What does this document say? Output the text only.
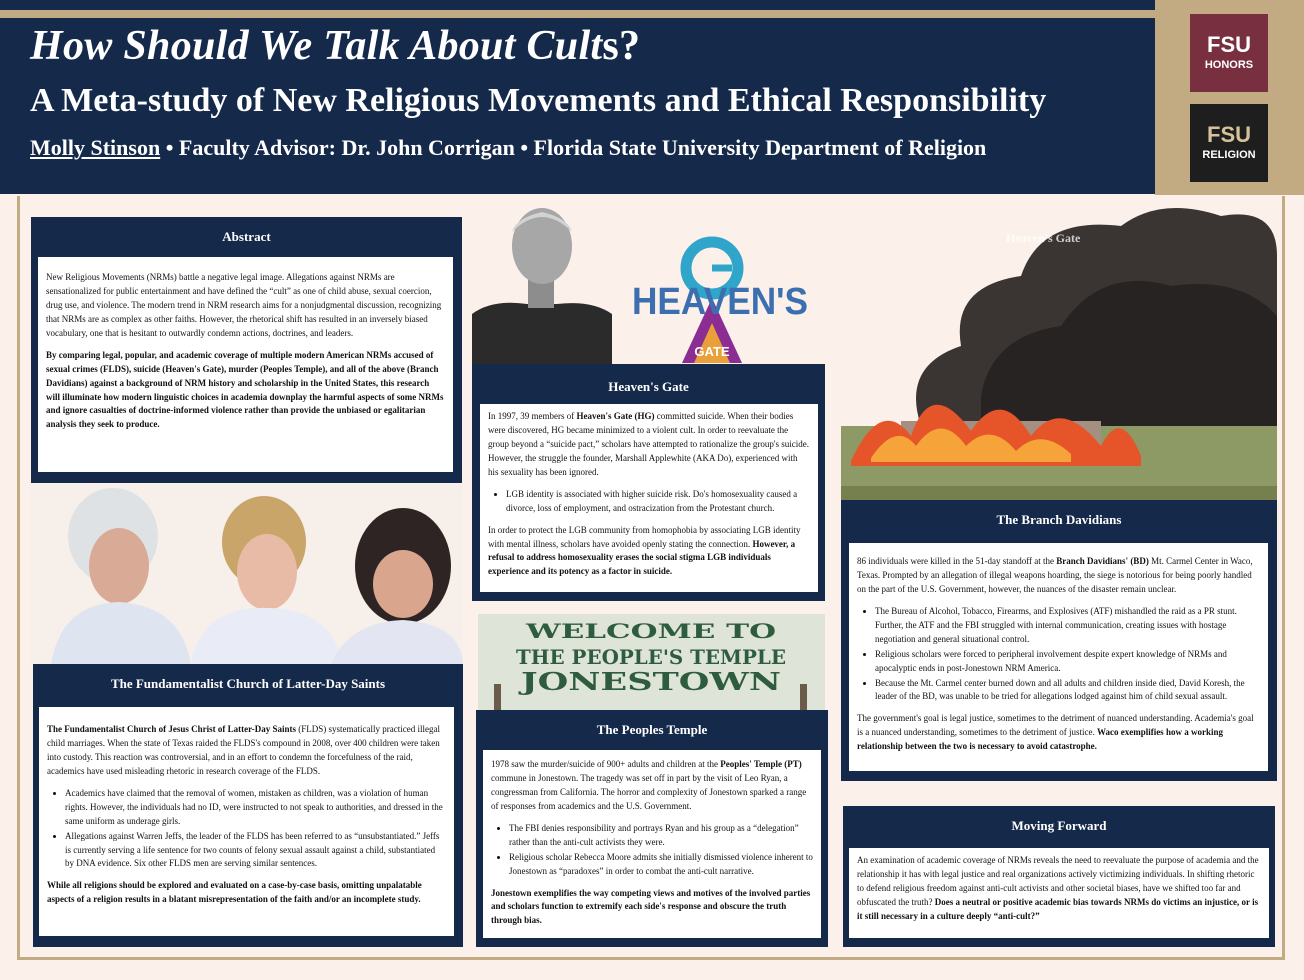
How Should We Talk About Cults?
A Meta-study of New Religious Movements and Ethical Responsibility
Molly Stinson • Faculty Advisor: Dr. John Corrigan • Florida State University Department of Religion
FSU
HONORS
FSU
RELIGION
Abstract

New Religious Movements (NRMs) battle a negative legal image. Allegations against NRMs are sensationalized for public entertainment and have defined the “cult” as one of child abuse, sexual coercion, drug use, and violence. The modern trend in NRM research aims for a nonjudgmental discussion, recognizing that NRMs are as complex as other faiths. However, the rhetorical shift has resulted in an inversely biased vocabulary, one that is hesitant to outwardly condemn actions, doctrines, and leaders.

By comparing legal, popular, and academic coverage of multiple modern American NRMs accused of sexual crimes (FLDS), suicide (Heaven's Gate), murder (Peoples Temple), and all of the above (Branch Davidians) against a background of NRM history and scholarship in the United States, this research will illuminate how modern linguistic choices in academia downplay the harmful aspects of some NRMs and ignore casualties of doctrine-informed violence rather than provide the unbiased or egalitarian analysis they seek to produce.

The Fundamentalist Church of Latter-Day Saints

The Fundamentalist Church of Jesus Christ of Latter-Day Saints (FLDS) systematically practiced illegal child marriages. When the state of Texas raided the FLDS's compound in 2008, over 400 children were taken into custody. This reaction was controversial, and in an effort to condemn the forcefulness of the raid, academics have used misleading rhetoric in research coverage of the FLDS.

• Academics have claimed that the removal of women, mistaken as children, was a violation of human rights. However, the individuals had no ID, were instructed to not speak to authorities, and dressed in the same uniform as underage girls.
• Allegations against Warren Jeffs, the leader of the FLDS has been referred to as “unsubstantiated.” Jeffs is currently serving a life sentence for two counts of felony sexual assault against a child, substantiated by DNA evidence. Six other FLDS men are serving similar sentences.

While all religions should be explored and evaluated on a case-by-case basis, omitting unpalatable aspects of a religion results in a blatant misrepresentation of the faith and/or an incomplete study.

HEAVEN'S
GATE
Heaven's Gate

In 1997, 39 members of Heaven's Gate (HG) committed suicide. When their bodies were discovered, HG became minimized to a violent cult. In order to reevaluate the group beyond a “suicide pact,” scholars have attempted to rationalize the group's suicide. However, the struggle the founder, Marshall Applewhite (AKA Do), experienced with his sexuality has been ignored.

• LGB identity is associated with higher suicide risk. Do's homosexuality caused a divorce, loss of employment, and ostracization from the Protestant church.

In order to protect the LGB community from homophobia by associating LGB identity with mental illness, scholars have avoided openly stating the connection. However, a refusal to address homosexuality erases the social stigma LGB individuals experience and its potency as a factor in suicide.

WELCOME TO
THE PEOPLE'S TEMPLE
JONESTOWN
The Peoples Temple

1978 saw the murder/suicide of 900+ adults and children at the Peoples' Temple (PT) commune in Jonestown. The tragedy was set off in part by the visit of Leo Ryan, a congressman from California. The horror and complexity of Jonestown sparked a range of responses from academics and the U.S. Government.

• The FBI denies responsibility and portrays Ryan and his group as a “delegation” rather than the anti-cult activists they were.
• Religious scholar Rebecca Moore admits she initially dismissed violence inherent to Jonestown as “paradoxes” in order to combat the anti-cult narrative.

Jonestown exemplifies the way competing views and motives of the involved parties and scholars function to extremify each side's response and obscure the truth through bias.

Heaven's Gate
The Branch Davidians

86 individuals were killed in the 51-day standoff at the Branch Davidians' (BD) Mt. Carmel Center in Waco, Texas. Prompted by an allegation of illegal weapons hoarding, the siege is notorious for being poorly handled on the part of the U.S. Government, however, the nuances of the disaster remain unclear.

• The Bureau of Alcohol, Tobacco, Firearms, and Explosives (ATF) mishandled the raid as a PR stunt. Further, the ATF and the FBI struggled with internal communication, creating issues with hostage negotiation and general situational control.
• Religious scholars were forced to peripheral involvement despite expert knowledge of NRMs and apocalyptic ends in post-Jonestown NRM America.
• Because the Mt. Carmel center burned down and all adults and children inside died, David Koresh, the leader of the BD, was unable to be tried for allegations lodged against him of child sexual assault.

The government's goal is legal justice, sometimes to the detriment of nuanced understanding. Academia's goal is a nuanced understanding, sometimes to the detriment of justice. Waco exemplifies how a working relationship between the two is necessary to avoid catastrophe.

Moving Forward

An examination of academic coverage of NRMs reveals the need to reevaluate the purpose of academia and the relationship it has with legal justice and real organizations actively victimizing individuals. In shifting rhetoric to defend religious freedom against anti-cult activists and other societal biases, have we shifted too far and obfuscated the truth? Does a neutral or positive academic bias towards NRMs do victims an injustice, or is it still necessary in a culture deeply “anti-cult?”
